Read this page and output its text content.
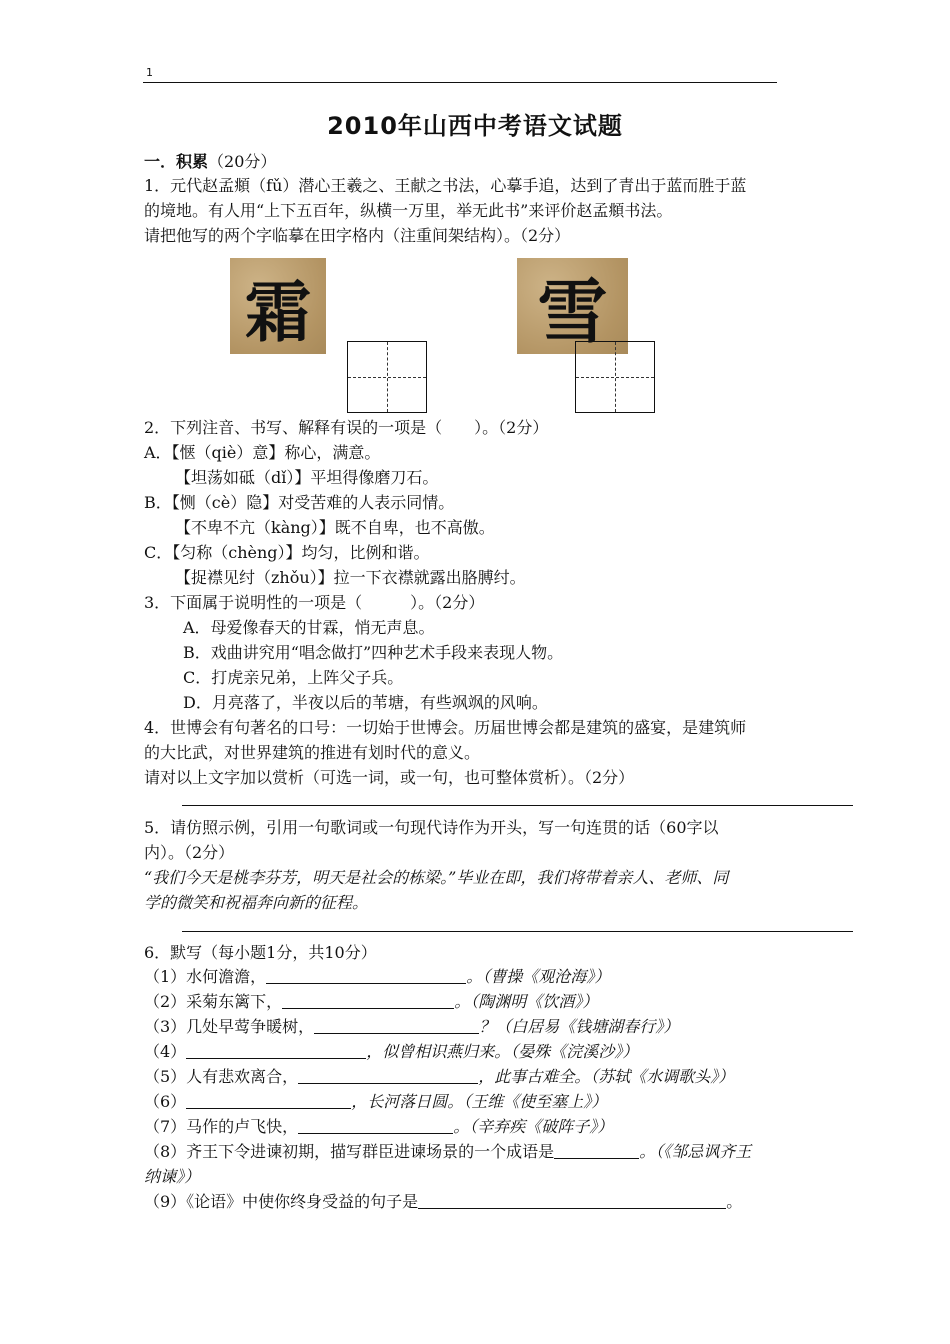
1
2010年山西中考语文试题
一．积累（20分）
1．元代赵孟頫（fǔ）潜心王羲之、王献之书法，心摹手追，达到了青出于蓝而胜于蓝
的境地。有人用“上下五百年，纵横一万里，举无此书”来评价赵孟頫书法。
请把他写的两个字临摹在田字格内（注重间架结构）。（2分）
霜	雪
2．下列注音、书写、解释有误的一项是（　　）。（2分）
A．【惬（qiè）意】称心，满意。
【坦荡如砥（dǐ）】平坦得像磨刀石。
B．【恻（cè）隐】对受苦难的人表示同情。
【不卑不亢（kàng）】既不自卑，也不高傲。
C．【匀称（chèng）】均匀，比例和谐。
【捉襟见纣（zhǒu）】拉一下衣襟就露出胳膊纣。
3．下面属于说明性的一项是（　　　）。（2分）
A．母爱像春天的甘霖，悄无声息。
B．戏曲讲究用“唱念做打”四种艺术手段来表现人物。
C．打虎亲兄弟，上阵父子兵。
D．月亮落了，半夜以后的苇塘，有些飒飒的风响。
4．世博会有句著名的口号：一切始于世博会。历届世博会都是建筑的盛宴，是建筑师
的大比武，对世界建筑的推进有划时代的意义。
请对以上文字加以赏析（可选一词，或一句，也可整体赏析）。（2分）
5．请仿照示例，引用一句歌词或一句现代诗作为开头，写一句连贯的话（60字以
内）。（2分）
“我们今天是桃李芬芳，明天是社会的栋梁。”毕业在即，我们将带着亲人、老师、同
学的微笑和祝福奔向新的征程。
6．默写（每小题1分，共10分）
（1）水何澹澹，	。（曹操《观沧海》）
（2）采菊东篱下，	。（陶渊明《饮酒》）
（3）几处早莺争暖树，	？（白居易《钱塘湖春行》）
（4）	，似曾相识燕归来。（晏殊《浣溪沙》）
（5）人有悲欢离合，	，此事古难全。（苏轼《水调歌头》）
（6）	，长河落日圆。（王维《使至塞上》）
（7）马作的卢飞快，	。（辛弃疾《破阵子》）
（8）齐王下令进谏初期，描写群臣进谏场景的一个成语是	。（《邹忌讽齐王
纳谏》）
（9）《论语》中使你终身受益的句子是	。
